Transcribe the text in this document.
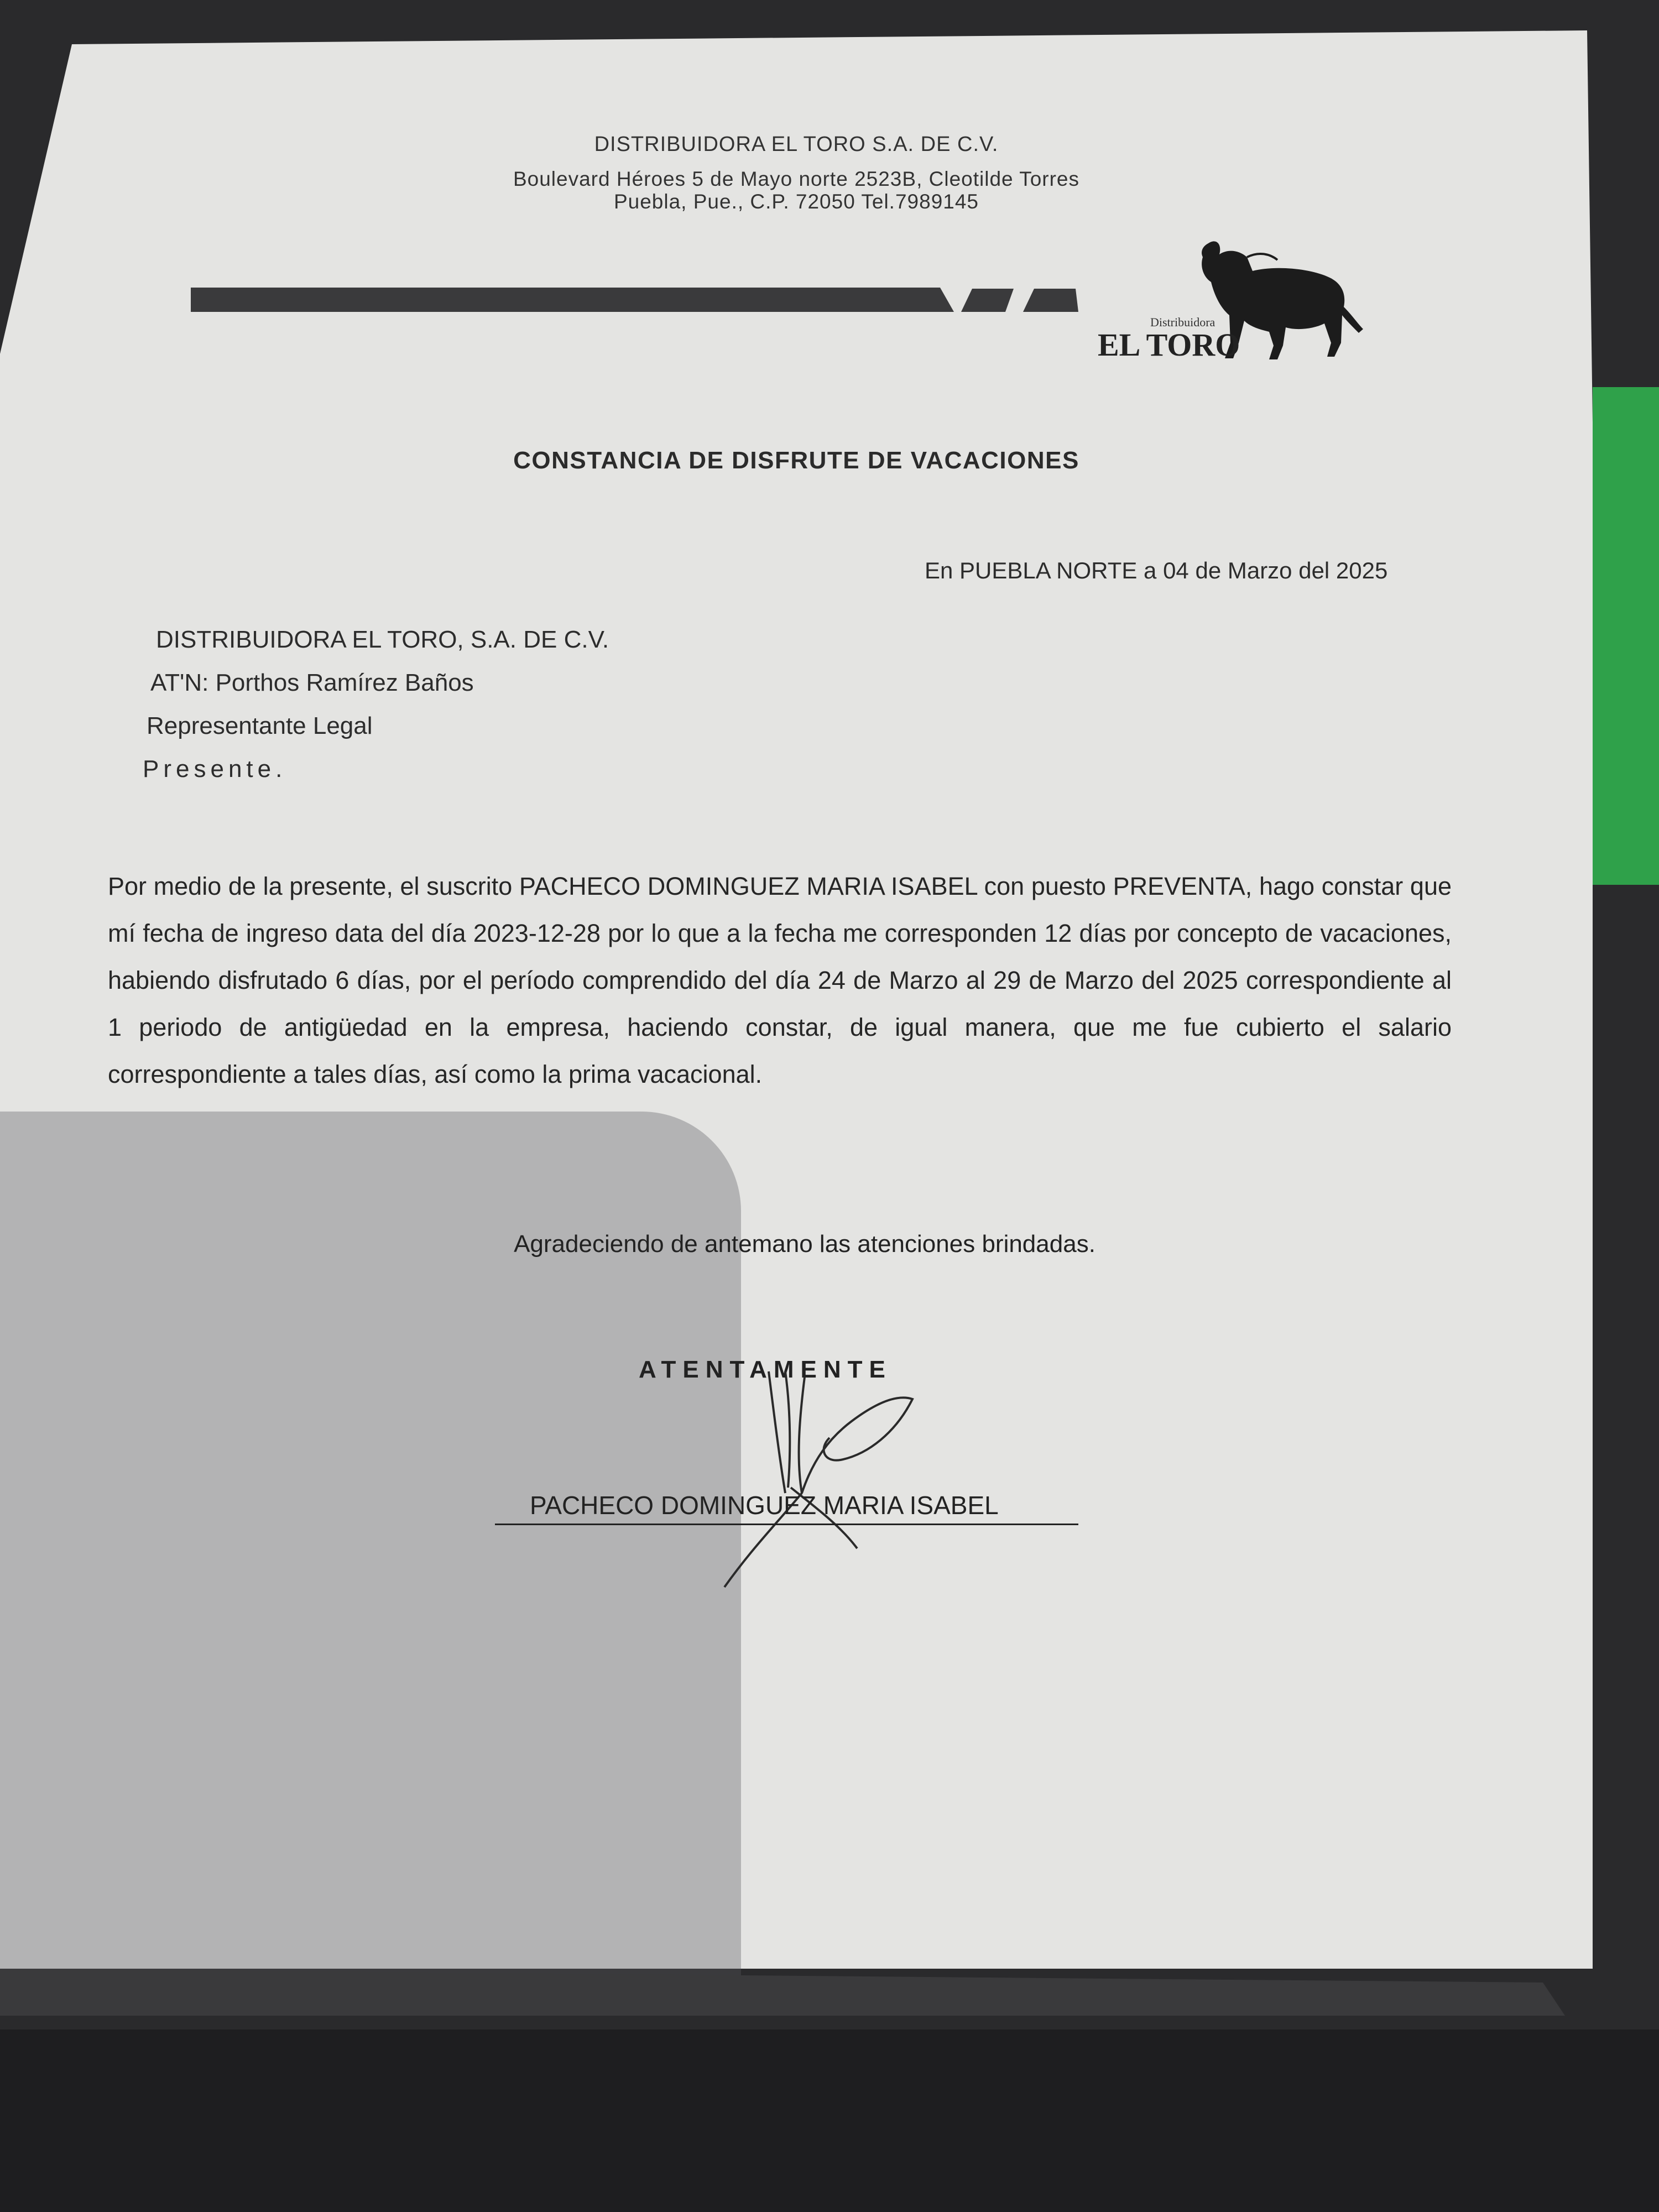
DISTRIBUIDORA EL TORO S.A. DE C.V.
Boulevard Héroes 5 de Mayo norte 2523B, Cleotilde Torres
Puebla, Pue., C.P. 72050 Tel.7989145
Distribuidora
EL TORO
CONSTANCIA DE DISFRUTE DE VACACIONES
En PUEBLA NORTE a 04 de Marzo del 2025
DISTRIBUIDORA EL TORO, S.A. DE C.V.
AT'N: Porthos Ramírez Baños
Representante Legal
Presente.
Por medio de la presente, el suscrito PACHECO DOMINGUEZ MARIA ISABEL con puesto PREVENTA, hago constar que mí fecha de ingreso data del día 2023-12-28 por lo que a la fecha me corresponden 12 días por concepto de vacaciones, habiendo disfrutado 6 días, por el período comprendido del día 24 de Marzo al 29 de Marzo del 2025 correspondiente al 1 periodo de antigüedad en la empresa, haciendo constar, de igual manera, que me fue cubierto el salario correspondiente a tales días, así como la prima vacacional.
Agradeciendo de antemano las atenciones brindadas.
ATENTAMENTE
PACHECO DOMINGUEZ MARIA ISABEL
